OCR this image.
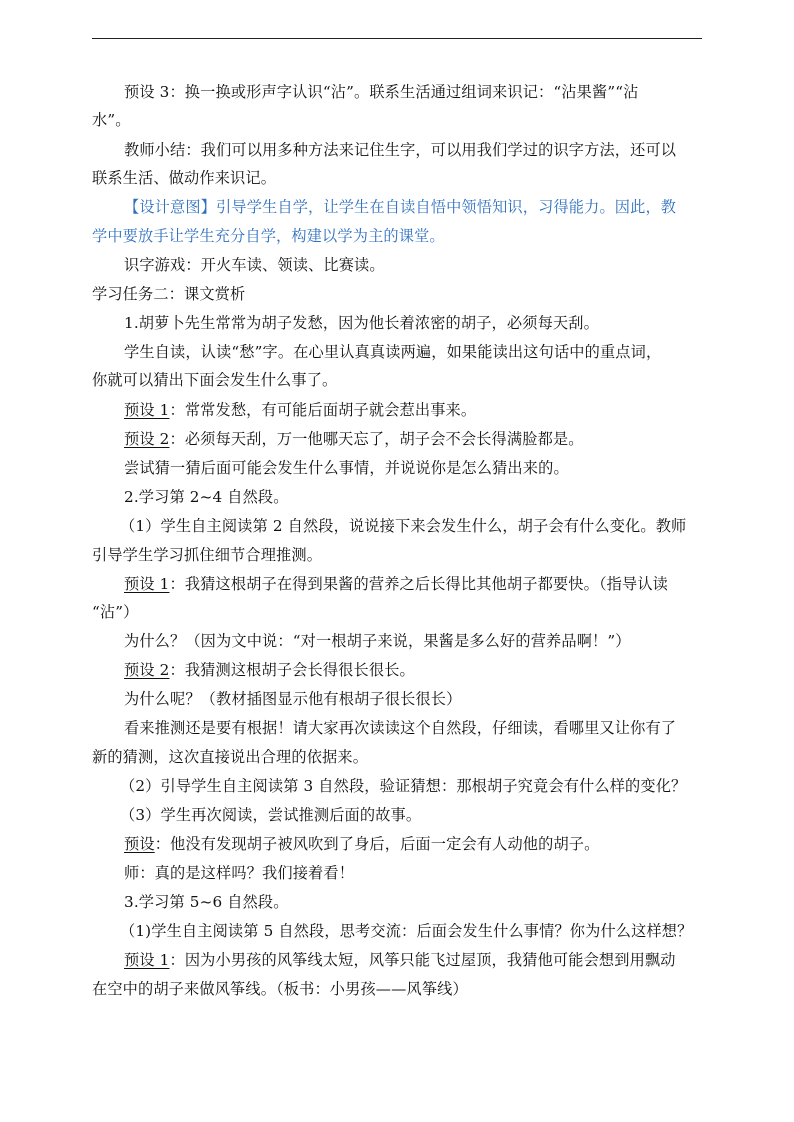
预设 3：换一换或形声字认识“沾”。联系生活通过组词来识记：“沾果酱”“沾
水”。
教师小结：我们可以用多种方法来记住生字，可以用我们学过的识字方法，还可以
联系生活、做动作来识记。
【设计意图】引导学生自学，让学生在自读自悟中领悟知识，习得能力。因此，教
学中要放手让学生充分自学，构建以学为主的课堂。
识字游戏：开火车读、领读、比赛读。
学习任务二：课文赏析
1.胡萝卜先生常常为胡子发愁，因为他长着浓密的胡子，必须每天刮。
学生自读，认读“愁”字。在心里认真真读两遍，如果能读出这句话中的重点词，
你就可以猜出下面会发生什么事了。
预设 1：常常发愁，有可能后面胡子就会惹出事来。
预设 2：必须每天刮，万一他哪天忘了，胡子会不会长得满脸都是。
尝试猜一猜后面可能会发生什么事情，并说说你是怎么猜出来的。
2.学习第 2~4 自然段。
（1）学生自主阅读第 2 自然段，说说接下来会发生什么，胡子会有什么变化。教师
引导学生学习抓住细节合理推测。
预设 1：我猜这根胡子在得到果酱的营养之后长得比其他胡子都要快。（指导认读
“沾”）
为什么？（因为文中说：“对一根胡子来说，果酱是多么好的营养品啊！”）
预设 2：我猜测这根胡子会长得很长很长。
为什么呢？（教材插图显示他有根胡子很长很长）
看来推测还是要有根据！请大家再次读读这个自然段，仔细读，看哪里又让你有了
新的猜测，这次直接说出合理的依据来。
（2）引导学生自主阅读第 3 自然段，验证猜想：那根胡子究竟会有什么样的变化？
（3）学生再次阅读，尝试推测后面的故事。
预设：他没有发现胡子被风吹到了身后，后面一定会有人动他的胡子。
师：真的是这样吗？我们接着看！
3.学习第 5~6 自然段。
（1)学生自主阅读第 5 自然段，思考交流：后面会发生什么事情？你为什么这样想？
预设 1：因为小男孩的风筝线太短，风筝只能飞过屋顶，我猜他可能会想到用飘动
在空中的胡子来做风筝线。（板书：小男孩——风筝线）
